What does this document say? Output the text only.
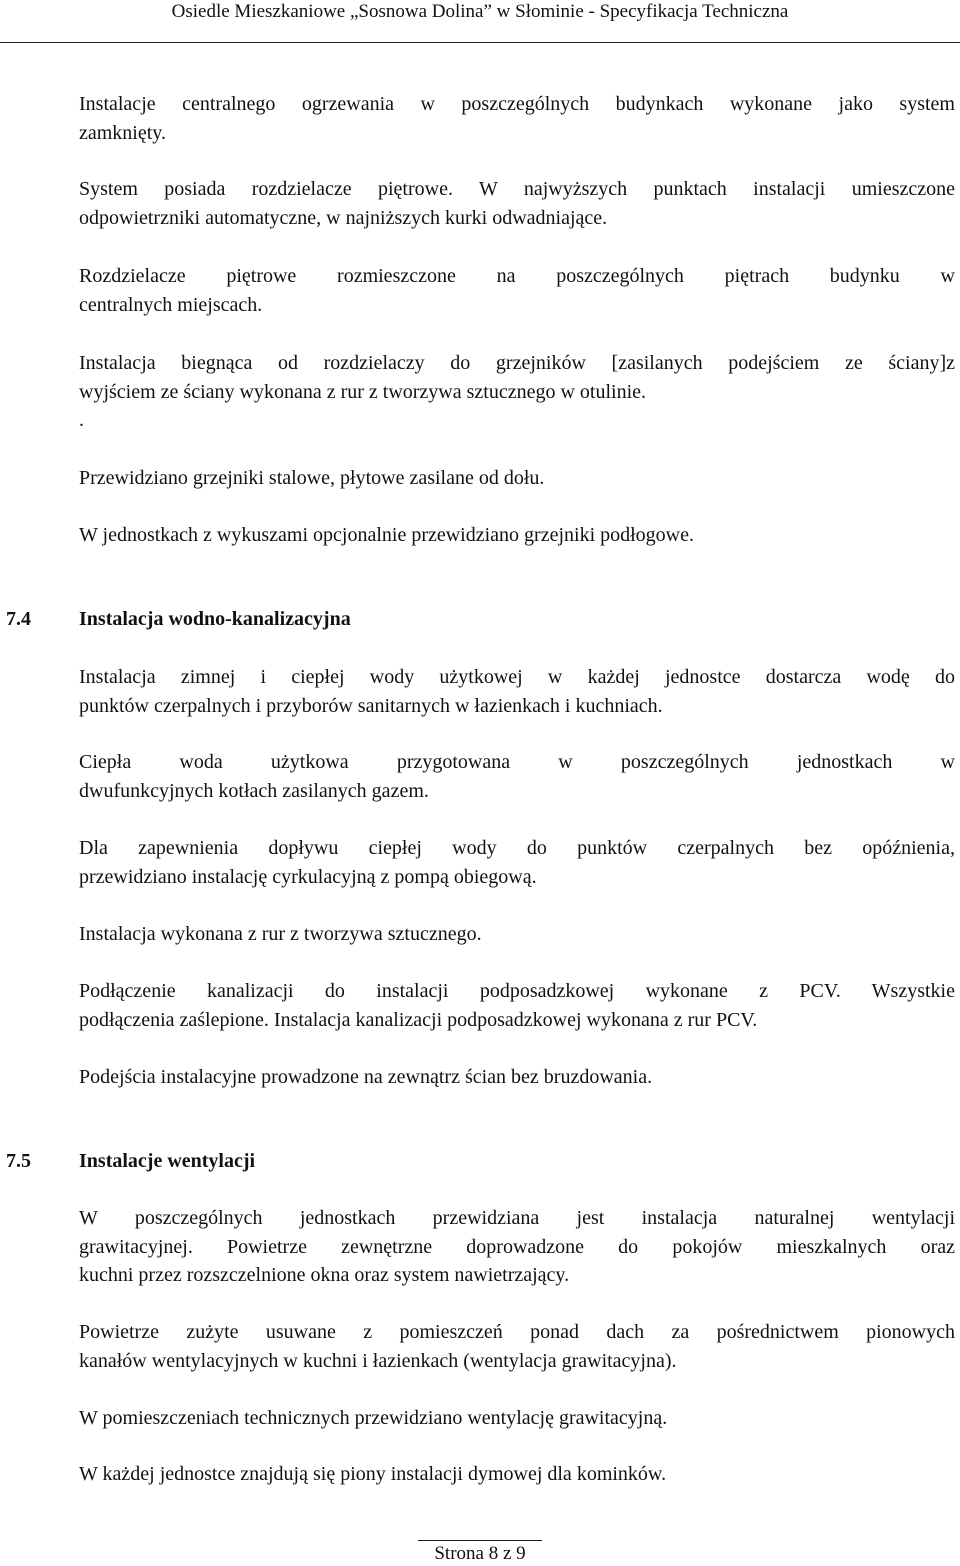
Osiedle Mieszkaniowe „Sosnowa Dolina” w Słominie - Specyfikacja Techniczna
Instalacje centralnego ogrzewania w poszczególnych budynkach wykonane jako system
zamknięty.
System posiada rozdzielacze piętrowe. W najwyższych punktach instalacji umieszczone
odpowietrzniki automatyczne, w najniższych kurki odwadniające.
Rozdzielacze piętrowe rozmieszczone na poszczególnych piętrach budynku w
centralnych miejscach.
Instalacja biegnąca od rozdzielaczy do grzejników [zasilanych podejściem ze ściany]z
wyjściem ze ściany wykonana z rur z tworzywa sztucznego w otulinie.
.
Przewidziano grzejniki stalowe, płytowe zasilane od dołu.
W jednostkach z wykuszami opcjonalnie przewidziano grzejniki podłogowe.
7.4 Instalacja wodno-kanalizacyjna
Instalacja zimnej i ciepłej wody użytkowej w każdej jednostce dostarcza wodę do
punktów czerpalnych i przyborów sanitarnych w łazienkach i kuchniach.
Ciepła woda użytkowa przygotowana w poszczególnych jednostkach w
dwufunkcyjnych kotłach zasilanych gazem.
Dla zapewnienia dopływu ciepłej wody do punktów czerpalnych bez opóźnienia,
przewidziano instalację cyrkulacyjną z pompą obiegową.
Instalacja wykonana z rur z tworzywa sztucznego.
Podłączenie kanalizacji do instalacji podposadzkowej wykonane z PCV. Wszystkie
podłączenia zaślepione. Instalacja kanalizacji podposadzkowej wykonana z rur PCV.
Podejścia instalacyjne prowadzone na zewnątrz ścian bez bruzdowania.
7.5 Instalacje wentylacji
W poszczególnych jednostkach przewidziana jest instalacja naturalnej wentylacji
grawitacyjnej. Powietrze zewnętrzne doprowadzone do pokojów mieszkalnych oraz
kuchni przez rozszczelnione okna oraz system nawietrzający.
Powietrze zużyte usuwane z pomieszczeń ponad dach za pośrednictwem pionowych
kanałów wentylacyjnych w kuchni i łazienkach (wentylacja grawitacyjna).
W pomieszczeniach technicznych przewidziano wentylację grawitacyjną.
W każdej jednostce znajdują się piony instalacji dymowej dla kominków.
Strona 8 z 9
